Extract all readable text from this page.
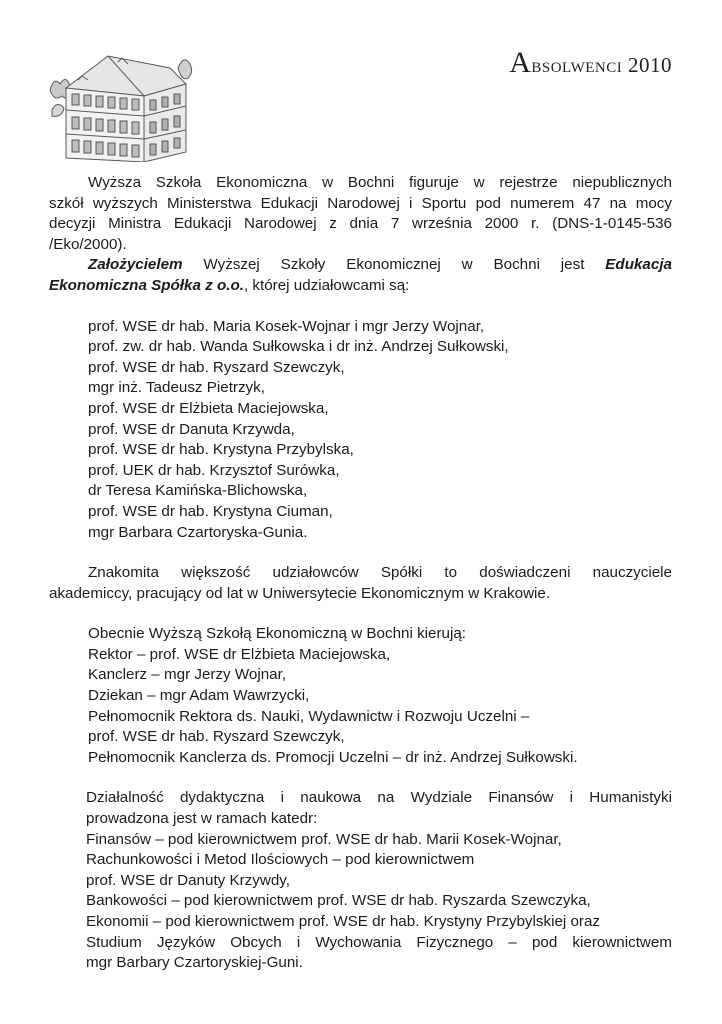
Absolwenci 2010

Wyższa Szkoła Ekonomiczna w Bochni figuruje w rejestrze niepublicznych

szkół wyższych Ministerstwa Edukacji Narodowej i Sportu pod numerem 47 na mocy

decyzji Ministra Edukacji Narodowej z dnia 7 września 2000 r. (DNS-1-0145-536

/Eko/2000).

Założycielem Wyższej Szkoły Ekonomicznej w Bochni jest Edukacja

Ekonomiczna Spółka z o.o., której udziałowcami są:

prof. WSE dr hab. Maria Kosek-Wojnar i mgr Jerzy Wojnar,
prof. zw. dr hab. Wanda Sułkowska i dr inż. Andrzej Sułkowski,
prof. WSE dr hab. Ryszard Szewczyk,
mgr inż. Tadeusz Pietrzyk,
prof. WSE dr Elżbieta Maciejowska,
prof. WSE dr Danuta Krzywda,
prof. WSE dr hab. Krystyna Przybylska,
prof. UEK dr hab. Krzysztof Surówka,
dr Teresa Kamińska-Blichowska,
prof. WSE dr hab. Krystyna Ciuman,
mgr Barbara Czartoryska-Gunia.

Znakomita większość udziałowców Spółki to doświadczeni nauczyciele

akademiccy, pracujący od lat w Uniwersytecie Ekonomicznym w Krakowie.

Obecnie Wyższą Szkołą Ekonomiczną w Bochni kierują:
Rektor – prof. WSE dr Elżbieta Maciejowska,
Kanclerz – mgr Jerzy Wojnar,
Dziekan – mgr Adam Wawrzycki,
Pełnomocnik Rektora ds. Nauki, Wydawnictw i Rozwoju Uczelni –
prof. WSE dr hab. Ryszard Szewczyk,
Pełnomocnik Kanclerza ds. Promocji Uczelni – dr inż. Andrzej Sułkowski.

Działalność dydaktyczna i naukowa na Wydziale Finansów i Humanistyki

prowadzona jest w ramach katedr:

Finansów – pod kierownictwem prof. WSE dr hab. Marii Kosek-Wojnar,

Rachunkowości i Metod Ilościowych – pod kierownictwem

prof. WSE dr Danuty Krzywdy,

Bankowości – pod kierownictwem prof. WSE dr hab. Ryszarda Szewczyka,

Ekonomii – pod kierownictwem prof. WSE dr hab. Krystyny Przybylskiej oraz

Studium Języków Obcych i Wychowania Fizycznego – pod kierownictwem

mgr Barbary Czartoryskiej-Guni.
